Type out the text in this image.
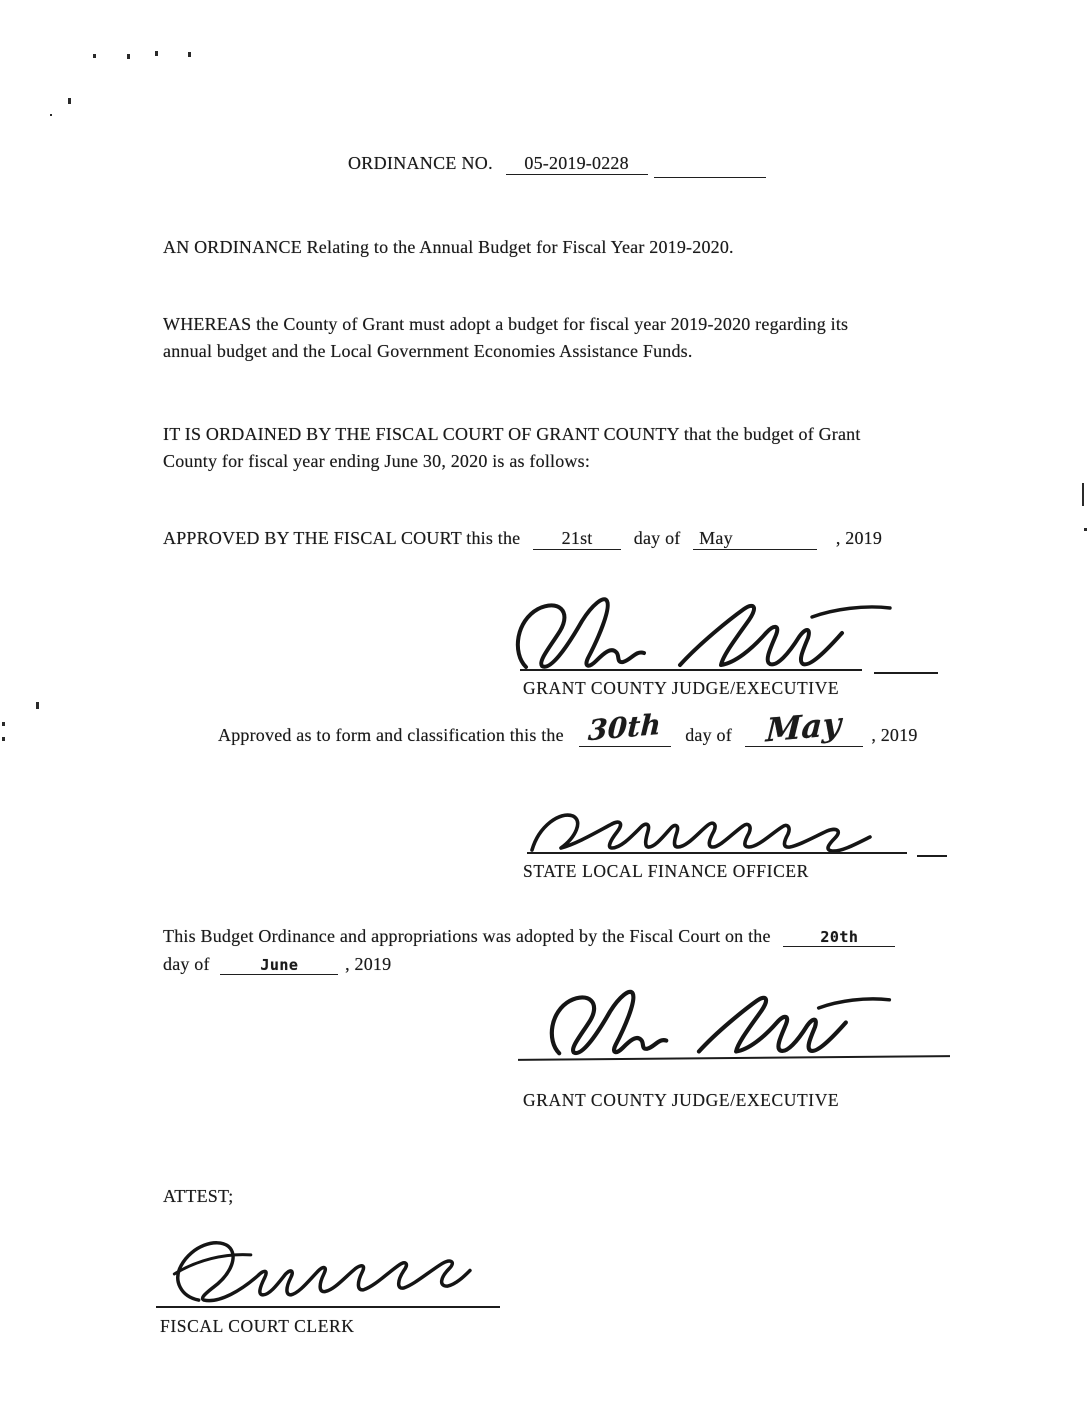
ORDINANCE NO. 05-2019-0228
AN ORDINANCE Relating to the Annual Budget for Fiscal Year 2019-2020.
WHEREAS the County of Grant must adopt a budget for fiscal year 2019-2020 regarding its
annual budget and the Local Government Economies Assistance Funds.
IT IS ORDAINED BY THE FISCAL COURT OF GRANT COUNTY that the budget of Grant
County for fiscal year ending June 30, 2020 is as follows:
APPROVED BY THE FISCAL COURT this the 21st day of May	, 2019
GRANT COUNTY JUDGE/EXECUTIVE
Approved as to form and classification this the 30th day of May , 2019
STATE LOCAL FINANCE OFFICER
This Budget Ordinance and appropriations was adopted by the Fiscal Court on the	20th
day of	June	, 2019
GRANT COUNTY JUDGE/EXECUTIVE
ATTEST;
FISCAL COURT CLERK
